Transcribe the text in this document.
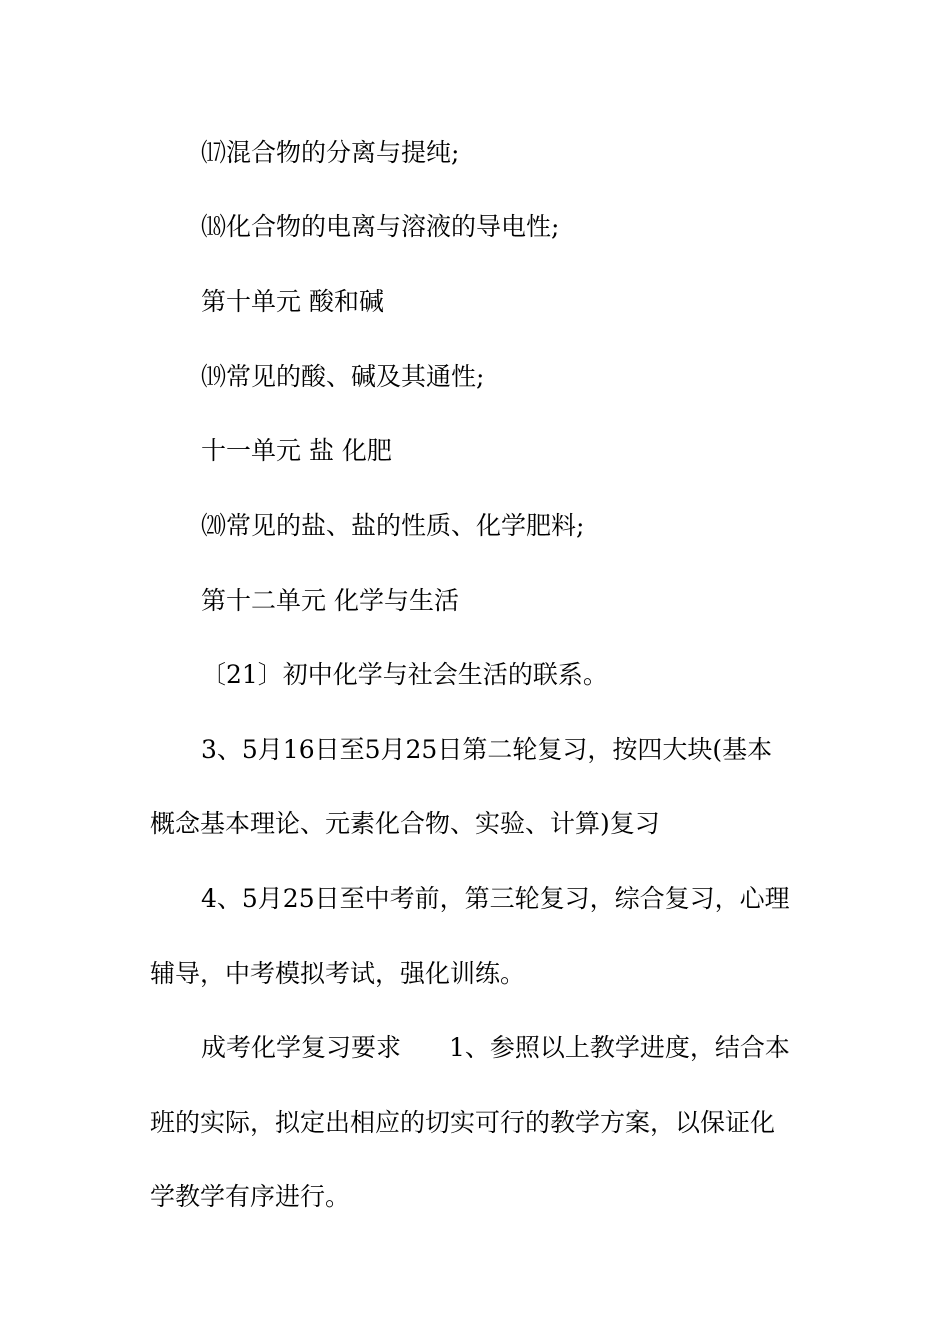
⒄混合物的分离与提纯;
⒅化合物的电离与溶液的导电性;
第十单元 酸和碱
⒆常见的酸、碱及其通性;
十一单元 盐 化肥
⒇常见的盐、盐的性质、化学肥料;
第十二单元 化学与生活
〔21〕初中化学与社会生活的联系。
3、5月16日至5月25日第二轮复习，按四大块(基本
概念基本理论、元素化合物、实验、计算)复习
4、5月25日至中考前，第三轮复习，综合复习，心理
辅导，中考模拟考试，强化训练。
成考化学复习要求 1、参照以上教学进度，结合本
班的实际，拟定出相应的切实可行的教学方案，以保证化
学教学有序进行。
